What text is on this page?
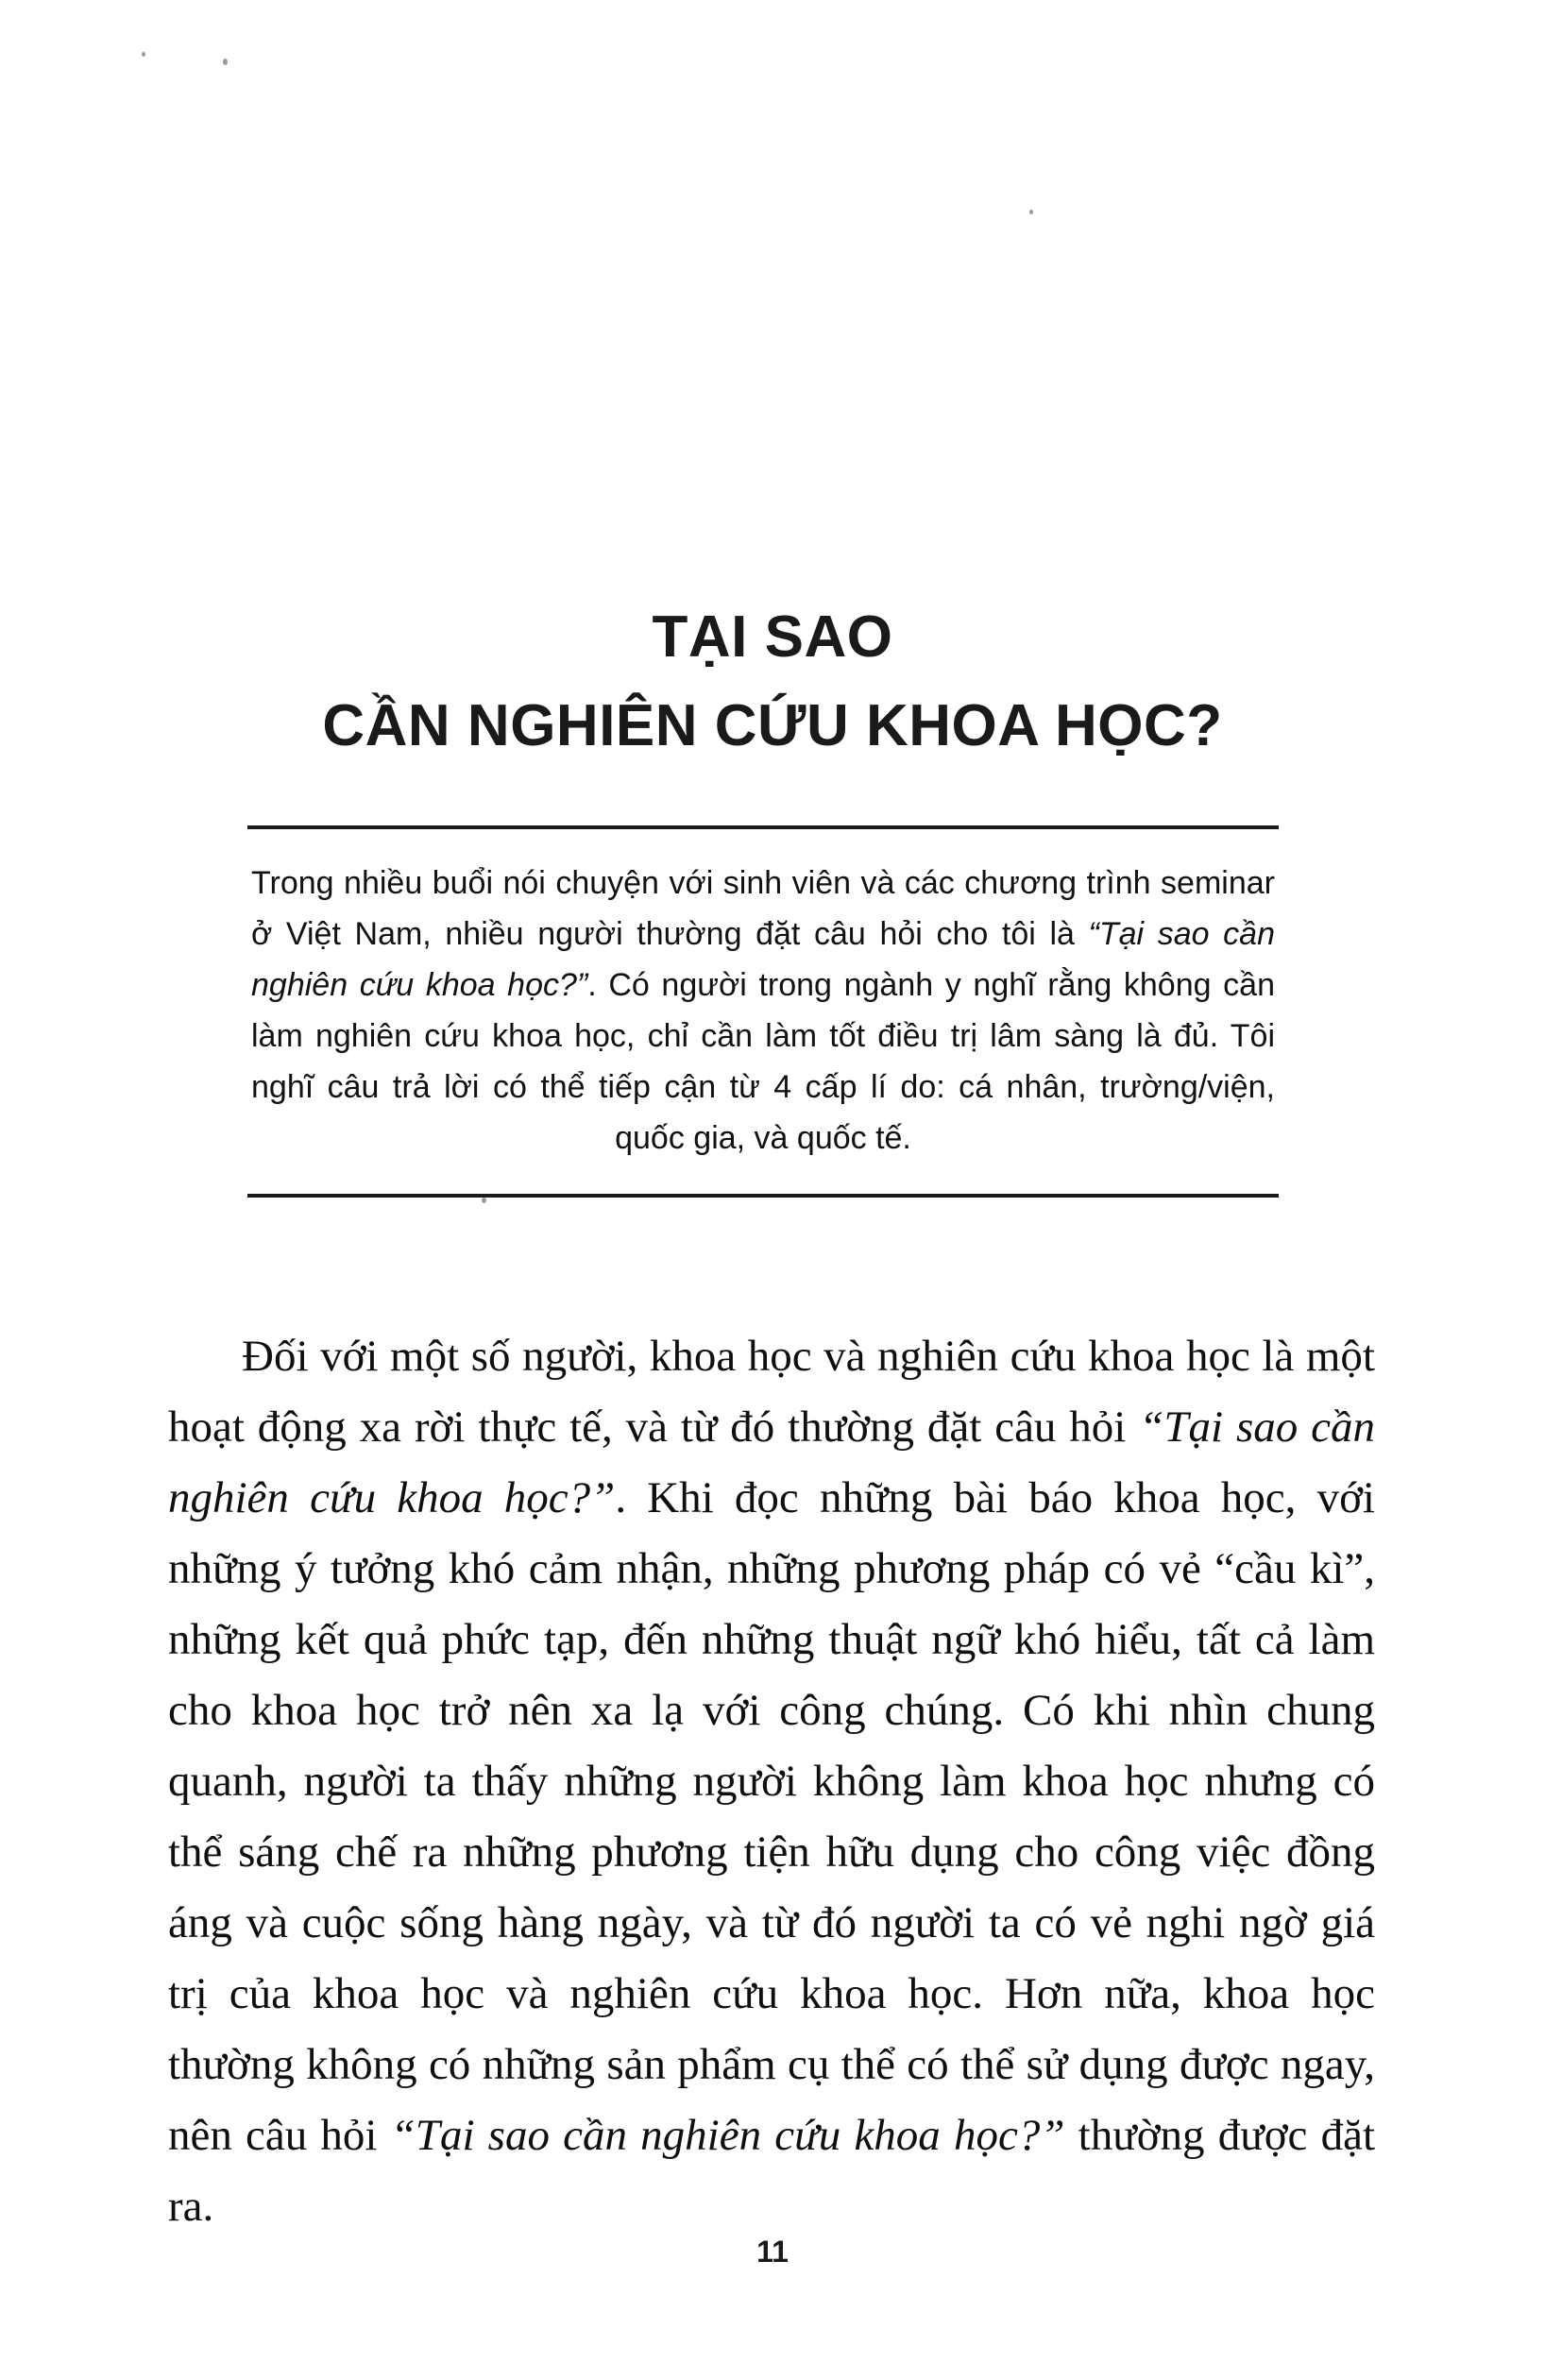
TẠI SAO
CẦN NGHIÊN CỨU KHOA HỌC?

Trong nhiều buổi nói chuyện với sinh viên và các chương trình seminar ở Việt Nam, nhiều người thường đặt câu hỏi cho tôi là “Tại sao cần nghiên cứu khoa học?”. Có người trong ngành y nghĩ rằng không cần làm nghiên cứu khoa học, chỉ cần làm tốt điều trị lâm sàng là đủ. Tôi nghĩ câu trả lời có thể tiếp cận từ 4 cấp lí do: cá nhân, trường/viện, quốc gia, và quốc tế.

Đối với một số người, khoa học và nghiên cứu khoa học là một hoạt động xa rời thực tế, và từ đó thường đặt câu hỏi “Tại sao cần nghiên cứu khoa học?”. Khi đọc những bài báo khoa học, với những ý tưởng khó cảm nhận, những phương pháp có vẻ “cầu kì”, những kết quả phức tạp, đến những thuật ngữ khó hiểu, tất cả làm cho khoa học trở nên xa lạ với công chúng. Có khi nhìn chung quanh, người ta thấy những người không làm khoa học nhưng có thể sáng chế ra những phương tiện hữu dụng cho công việc đồng áng và cuộc sống hàng ngày, và từ đó người ta có vẻ nghi ngờ giá trị của khoa học và nghiên cứu khoa học. Hơn nữa, khoa học thường không có những sản phẩm cụ thể có thể sử dụng được ngay, nên câu hỏi “Tại sao cần nghiên cứu khoa học?” thường được đặt ra.

11
